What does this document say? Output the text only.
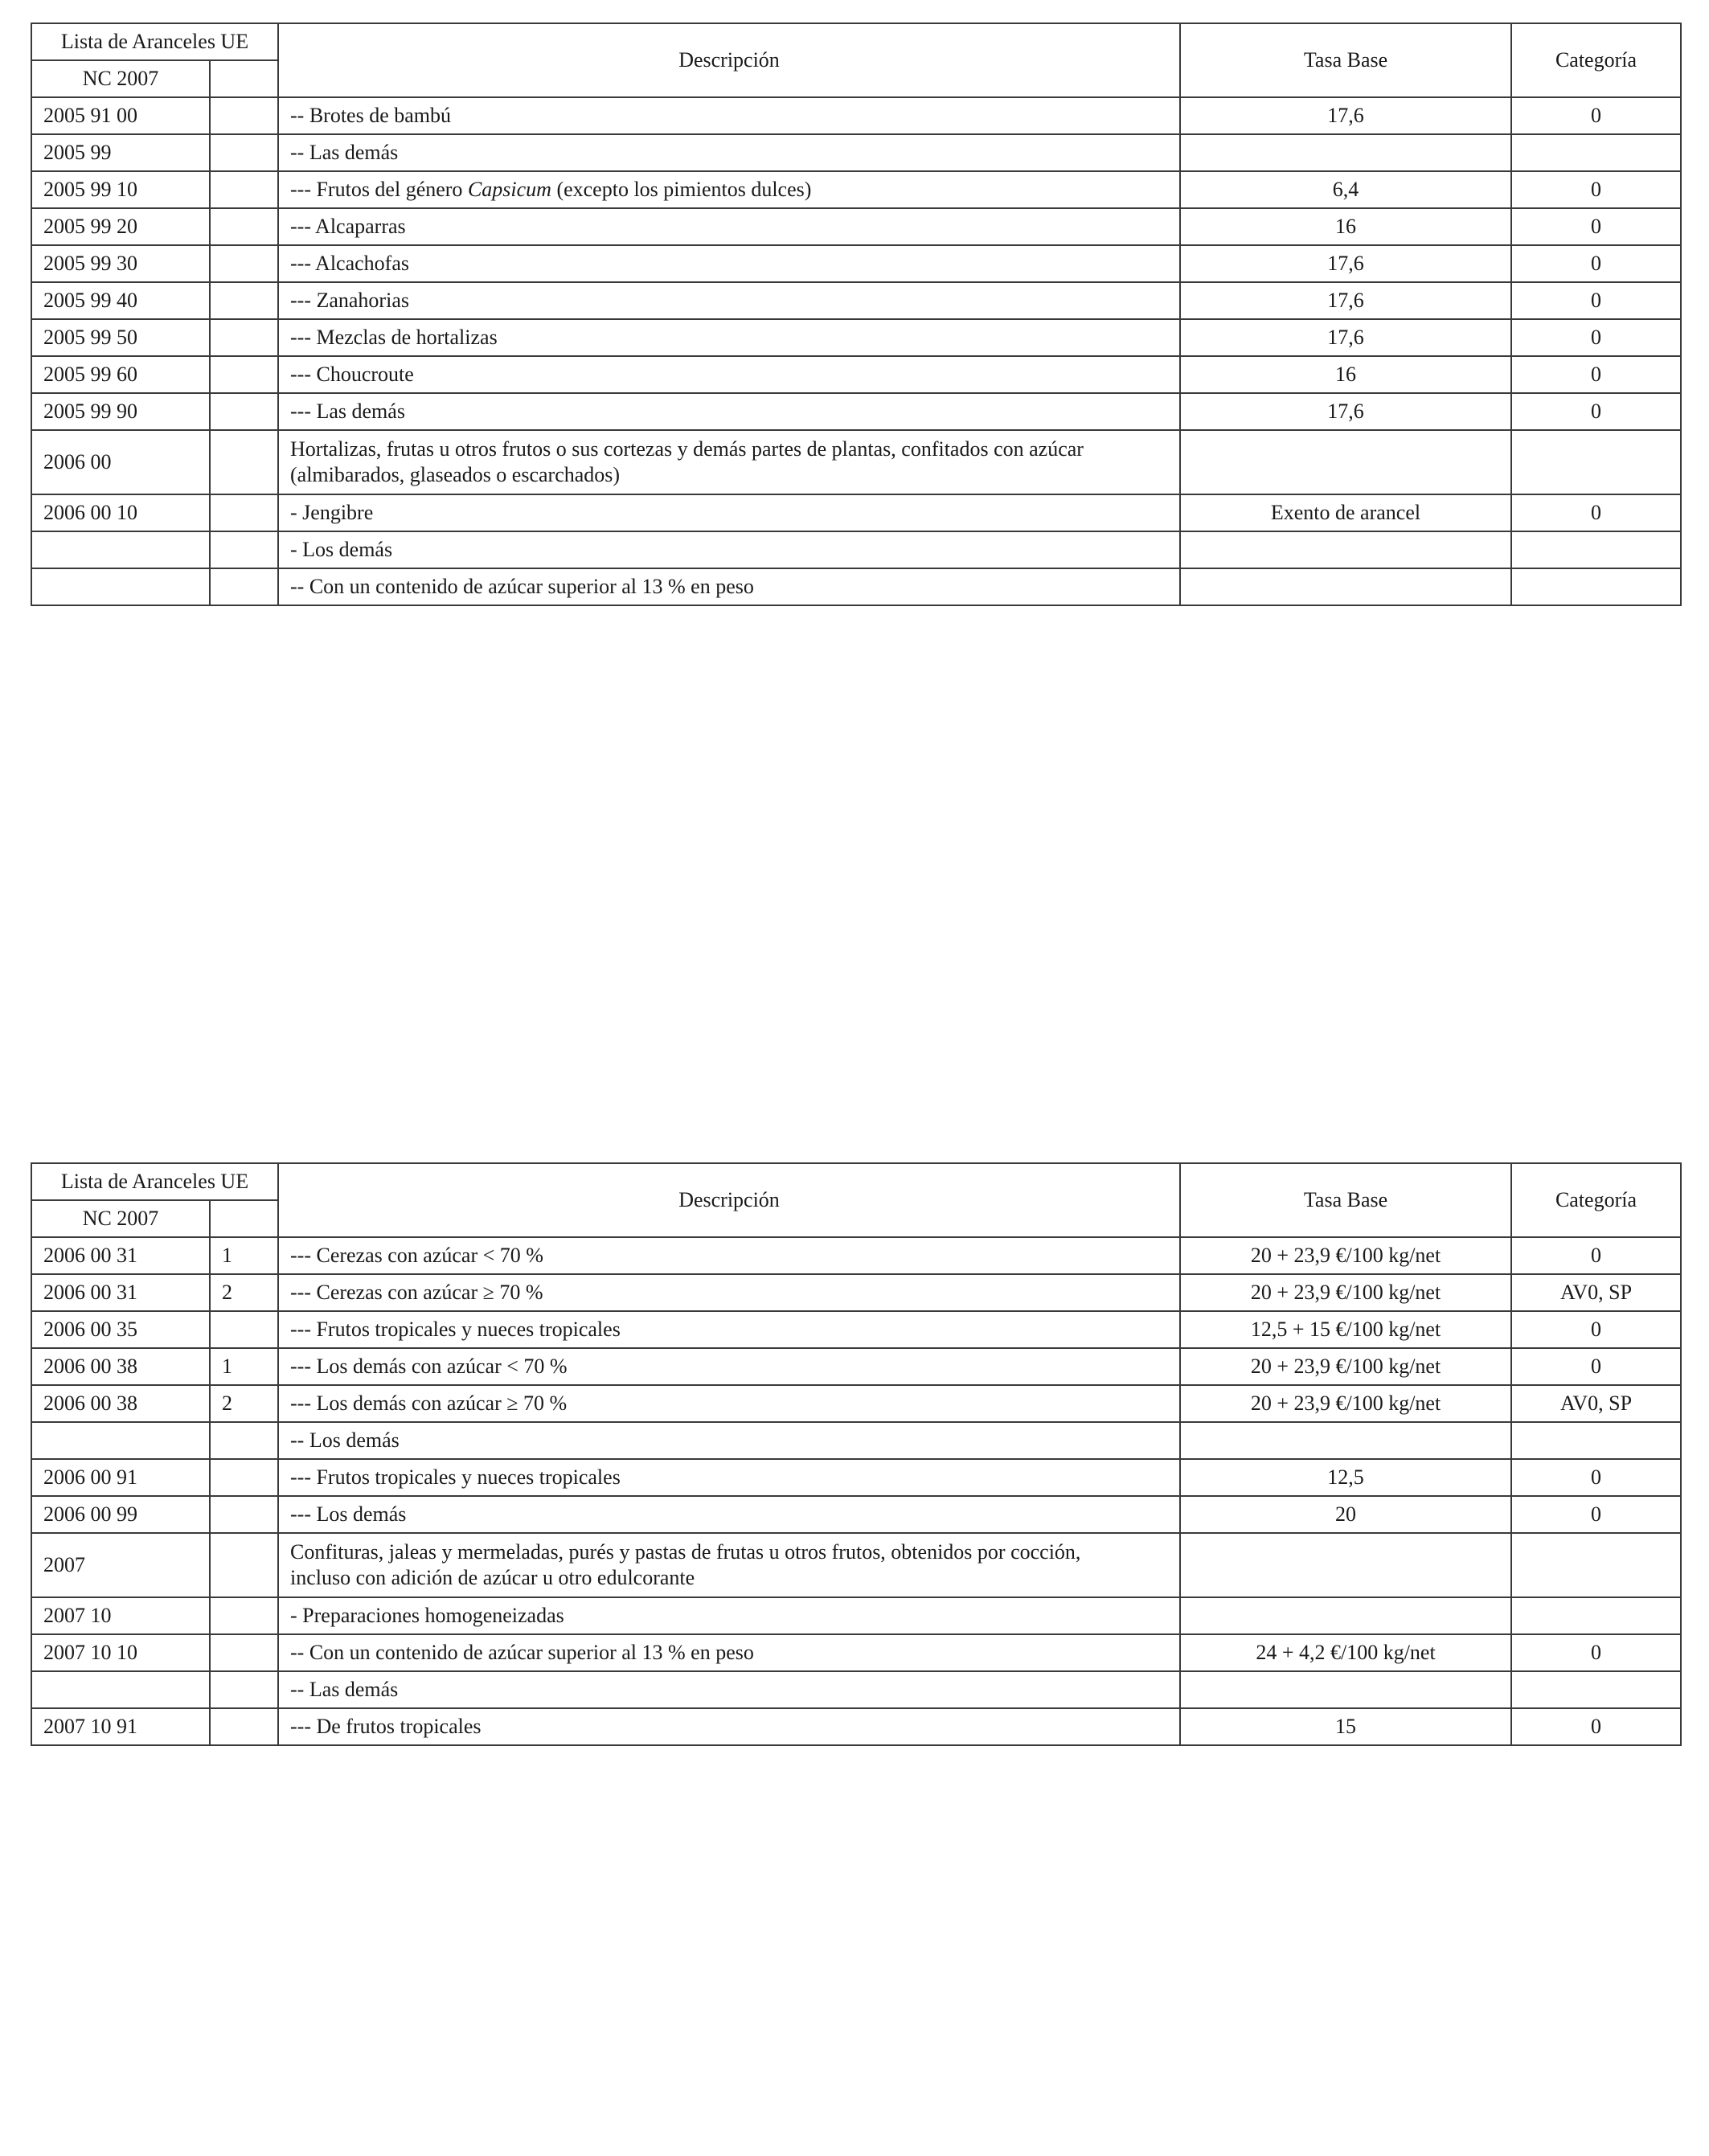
Lista de Aranceles UE		Descripción	Tasa Base	Categoría
NC 2007				
2005 91 00		-- Brotes de bambú	17,6	0
2005 99		-- Las demás		
2005 99 10		--- Frutos del género Capsicum (excepto los pimientos dulces)	6,4	0
2005 99 20		--- Alcaparras	16	0
2005 99 30		--- Alcachofas	17,6	0
2005 99 40		--- Zanahorias	17,6	0
2005 99 50		--- Mezclas de hortalizas	17,6	0
2005 99 60		--- Choucroute	16	0
2005 99 90		--- Las demás	17,6	0
2006 00		Hortalizas, frutas u otros frutos o sus cortezas y demás partes de plantas, confitados con azúcar
(almibarados, glaseados o escarchados)		

2006 00 10		- Jengibre	Exento de arancel	0
		- Los demás		
		-- Con un contenido de azúcar superior al 13 % en peso		
Lista de Aranceles UE		Descripción	Tasa Base	Categoría
NC 2007				
2006 00 31	1	--- Cerezas con azúcar < 70 %	20 + 23,9 €/100 kg/net	0
2006 00 31	2	--- Cerezas con azúcar ≥ 70 %	20 + 23,9 €/100 kg/net	AV0, SP
2006 00 35		--- Frutos tropicales y nueces tropicales	12,5 + 15 €/100 kg/net	0
2006 00 38	1	--- Los demás con azúcar < 70 %	20 + 23,9 €/100 kg/net	0
2006 00 38	2	--- Los demás con azúcar ≥ 70 %	20 + 23,9 €/100 kg/net	AV0, SP
		-- Los demás		
2006 00 91		--- Frutos tropicales y nueces tropicales	12,5	0
2006 00 99		--- Los demás	20	0
2007		Confituras, jaleas y mermeladas, purés y pastas de frutas u otros frutos, obtenidos por cocción,
incluso con adición de azúcar u otro edulcorante		

2007 10		- Preparaciones homogeneizadas		
2007 10 10		-- Con un contenido de azúcar superior al 13 % en peso	24 + 4,2 €/100 kg/net	0
		-- Las demás		
2007 10 91		--- De frutos tropicales	15	0
